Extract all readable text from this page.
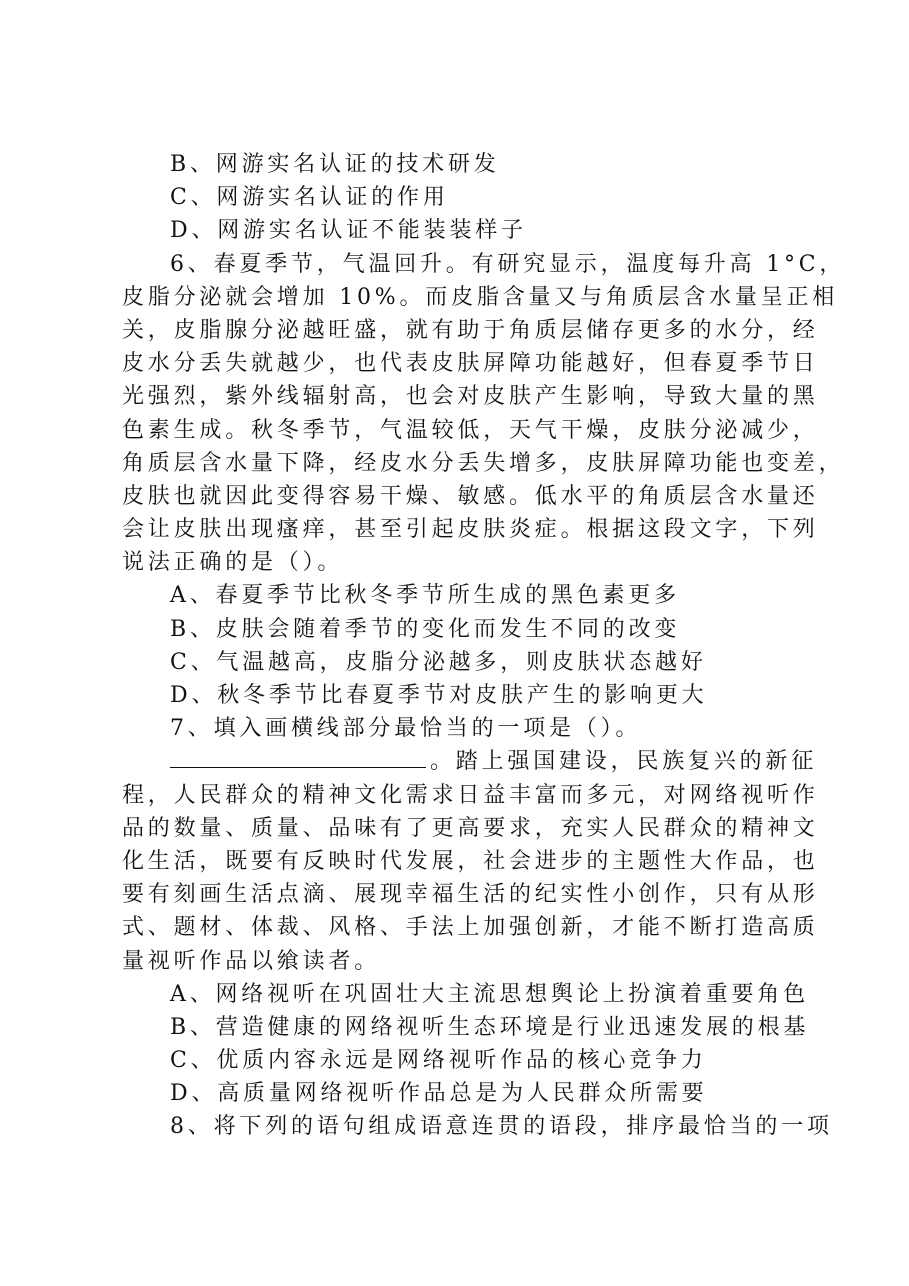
B、网游实名认证的技术研发
C、网游实名认证的作用
D、网游实名认证不能装装样子
6、春夏季节，气温回升。有研究显示，温度每升高 1°C，
皮脂分泌就会增加 10%。而皮脂含量又与角质层含水量呈正相
关，皮脂腺分泌越旺盛，就有助于角质层储存更多的水分，经
皮水分丢失就越少，也代表皮肤屏障功能越好，但春夏季节日
光强烈，紫外线辐射高，也会对皮肤产生影响，导致大量的黑
色素生成。秋冬季节，气温较低，天气干燥，皮肤分泌减少，
角质层含水量下降，经皮水分丢失增多，皮肤屏障功能也变差，
皮肤也就因此变得容易干燥、敏感。低水平的角质层含水量还
会让皮肤出现瘙痒，甚至引起皮肤炎症。根据这段文字，下列
说法正确的是（）。
A、春夏季节比秋冬季节所生成的黑色素更多
B、皮肤会随着季节的变化而发生不同的改变
C、气温越高，皮脂分泌越多，则皮肤状态越好
D、秋冬季节比春夏季节对皮肤产生的影响更大
7、填入画横线部分最恰当的一项是（）。
。踏上强国建设，民族复兴的新征
程，人民群众的精神文化需求日益丰富而多元，对网络视听作
品的数量、质量、品味有了更高要求，充实人民群众的精神文
化生活，既要有反映时代发展，社会进步的主题性大作品，也
要有刻画生活点滴、展现幸福生活的纪实性小创作，只有从形
式、题材、体裁、风格、手法上加强创新，才能不断打造高质
量视听作品以飨读者。
A、网络视听在巩固壮大主流思想舆论上扮演着重要角色
B、营造健康的网络视听生态环境是行业迅速发展的根基
C、优质内容永远是网络视听作品的核心竞争力
D、高质量网络视听作品总是为人民群众所需要
8、将下列的语句组成语意连贯的语段，排序最恰当的一项
